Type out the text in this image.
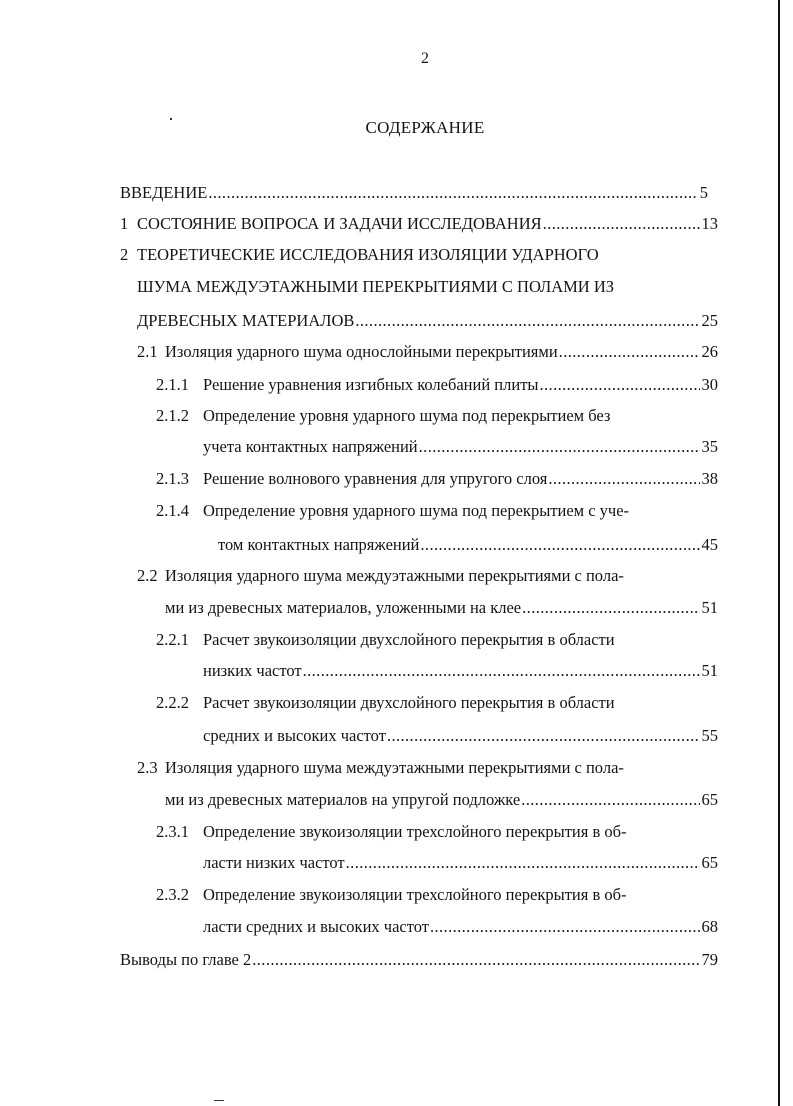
2
СОДЕРЖАНИЕ
ВВЕДЕНИЕ .....	5
1 СОСТОЯНИЕ ВОПРОСА И ЗАДАЧИ ИССЛЕДОВАНИЯ .....	13
2 ТЕОРЕТИЧЕСКИЕ ИССЛЕДОВАНИЯ ИЗОЛЯЦИИ УДАРНОГО
ШУМА МЕЖДУЭТАЖНЫМИ ПЕРЕКРЫТИЯМИ С ПОЛАМИ ИЗ
ДРЕВЕСНЫХ МАТЕРИАЛОВ .....	25
2.1 Изоляция ударного шума однослойными перекрытиями .....	26
2.1.1 Решение уравнения изгибных колебаний плиты .....	30
2.1.2 Определение уровня ударного шума под перекрытием без
учета контактных напряжений .....	35
2.1.3 Решение волнового уравнения для упругого слоя .....	38
2.1.4 Определение уровня ударного шума под перекрытием с уче-
том контактных напряжений .....	45
2.2 Изоляция ударного шума междуэтажными перекрытиями с пола-
ми из древесных материалов, уложенными на клее .....	51
2.2.1 Расчет звукоизоляции двухслойного перекрытия в области
низких частот .....	51
2.2.2 Расчет звукоизоляции двухслойного перекрытия в области
средних и высоких частот .....	55
2.3 Изоляция ударного шума междуэтажными перекрытиями с пола-
ми из древесных материалов на упругой подложке .....	65
2.3.1 Определение звукоизоляции трехслойного перекрытия в об-
ласти низких частот .....	65
2.3.2 Определение звукоизоляции трехслойного перекрытия в об-
ласти средних и высоких частот .....	68
Выводы по главе 2 .....	79
